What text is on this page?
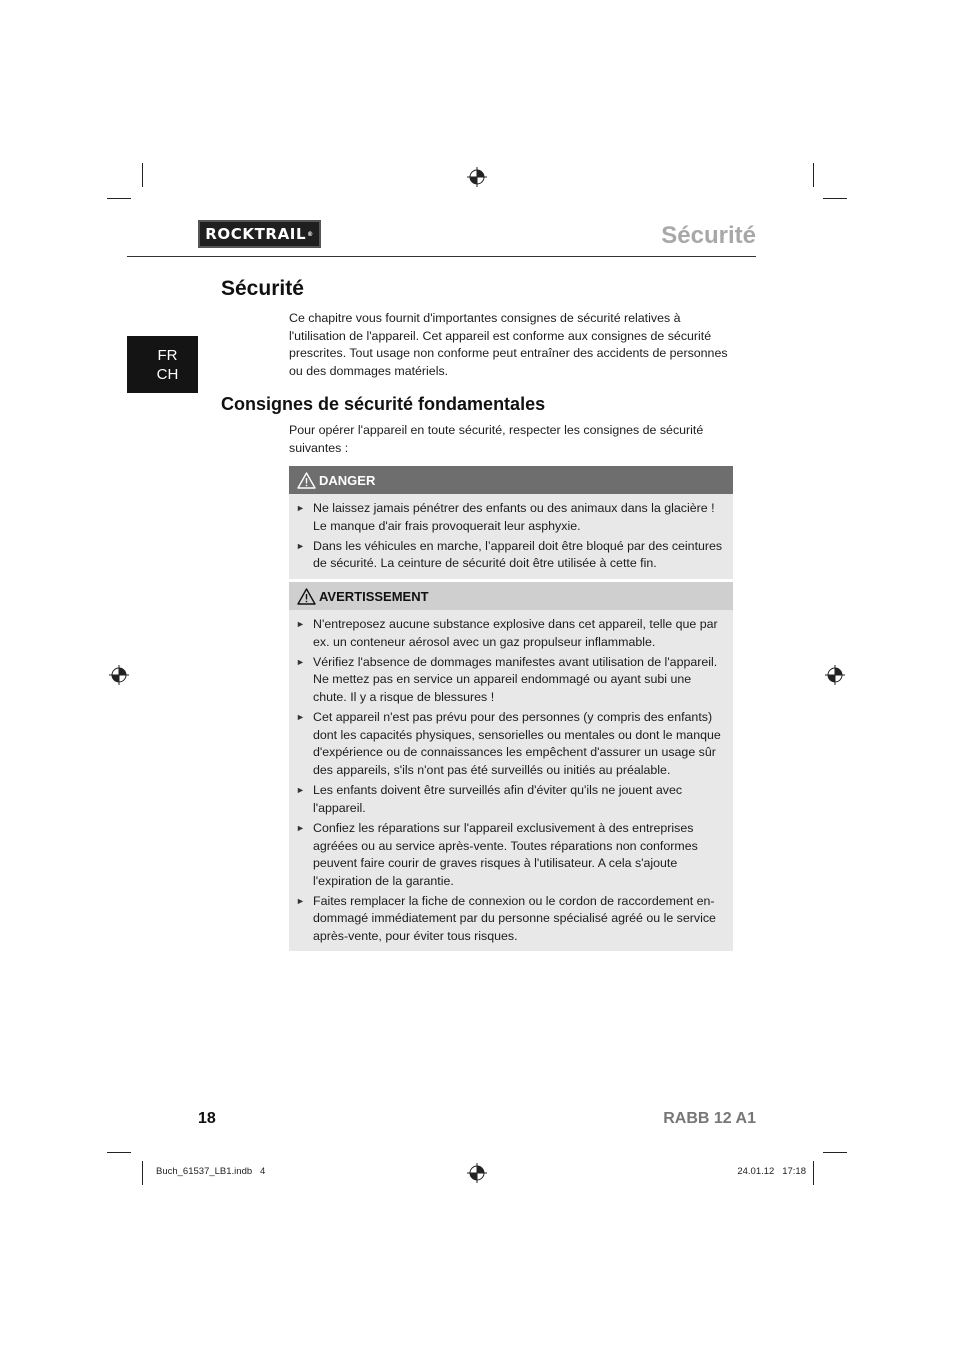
ROCKTRAIL ®	Sécurité
FR
CH
Sécurité

Ce chapitre vous fournit d'importantes consignes de sécurité relatives à l'utilisation de l'appareil. Cet appareil est conforme aux consignes de sécurité prescrites. Tout usage non conforme peut entraîner des accidents de personnes ou des dommages matériels.

Consignes de sécurité fondamentales

Pour opérer l'appareil en toute sécurité, respecter les consignes de sécurité suivantes :

DANGER
► Ne laissez jamais pénétrer des enfants ou des animaux dans la glacière ! Le manque d'air frais provoquerait leur asphyxie.
► Dans les véhicules en marche, l’appareil doit être bloqué par des ceintures de sécurité. La ceinture de sécurité doit être utilisée à cette fin.
AVERTISSEMENT
► N'entreposez aucune substance explosive dans cet appareil, telle que par ex. un conteneur aérosol avec un gaz propulseur inflammable.
► Vérifiez l'absence de dommages manifestes avant utilisation de l'appareil. Ne mettez pas en service un appareil endommagé ou ayant subi une chute. Il y a risque de blessures !
► Cet appareil n'est pas prévu pour des personnes (y compris des enfants) dont les capacités physiques, sensorielles ou mentales ou dont le manque d'expérience ou de connaissances les empêchent d'assurer un usage sûr des appareils, s'ils n'ont pas été surveillés ou initiés au préalable.
► Les enfants doivent être surveillés afin d'éviter qu'ils ne jouent avec l'appareil.
► Confiez les réparations sur l'appareil exclusivement à des entreprises agréées ou au service après-vente. Toutes réparations non conformes peuvent faire courir de graves risques à l'utilisateur. A cela s'ajoute l'expiration de la garantie.
► Faites remplacer la fiche de connexion ou le cordon de raccordement en-dommagé immédiatement par du personne spécialisé agréé ou le service après-vente, pour éviter tous risques.
18	RABB 12 A1
Buch_61537_LB1.indb   4	24.01.12   17:18
